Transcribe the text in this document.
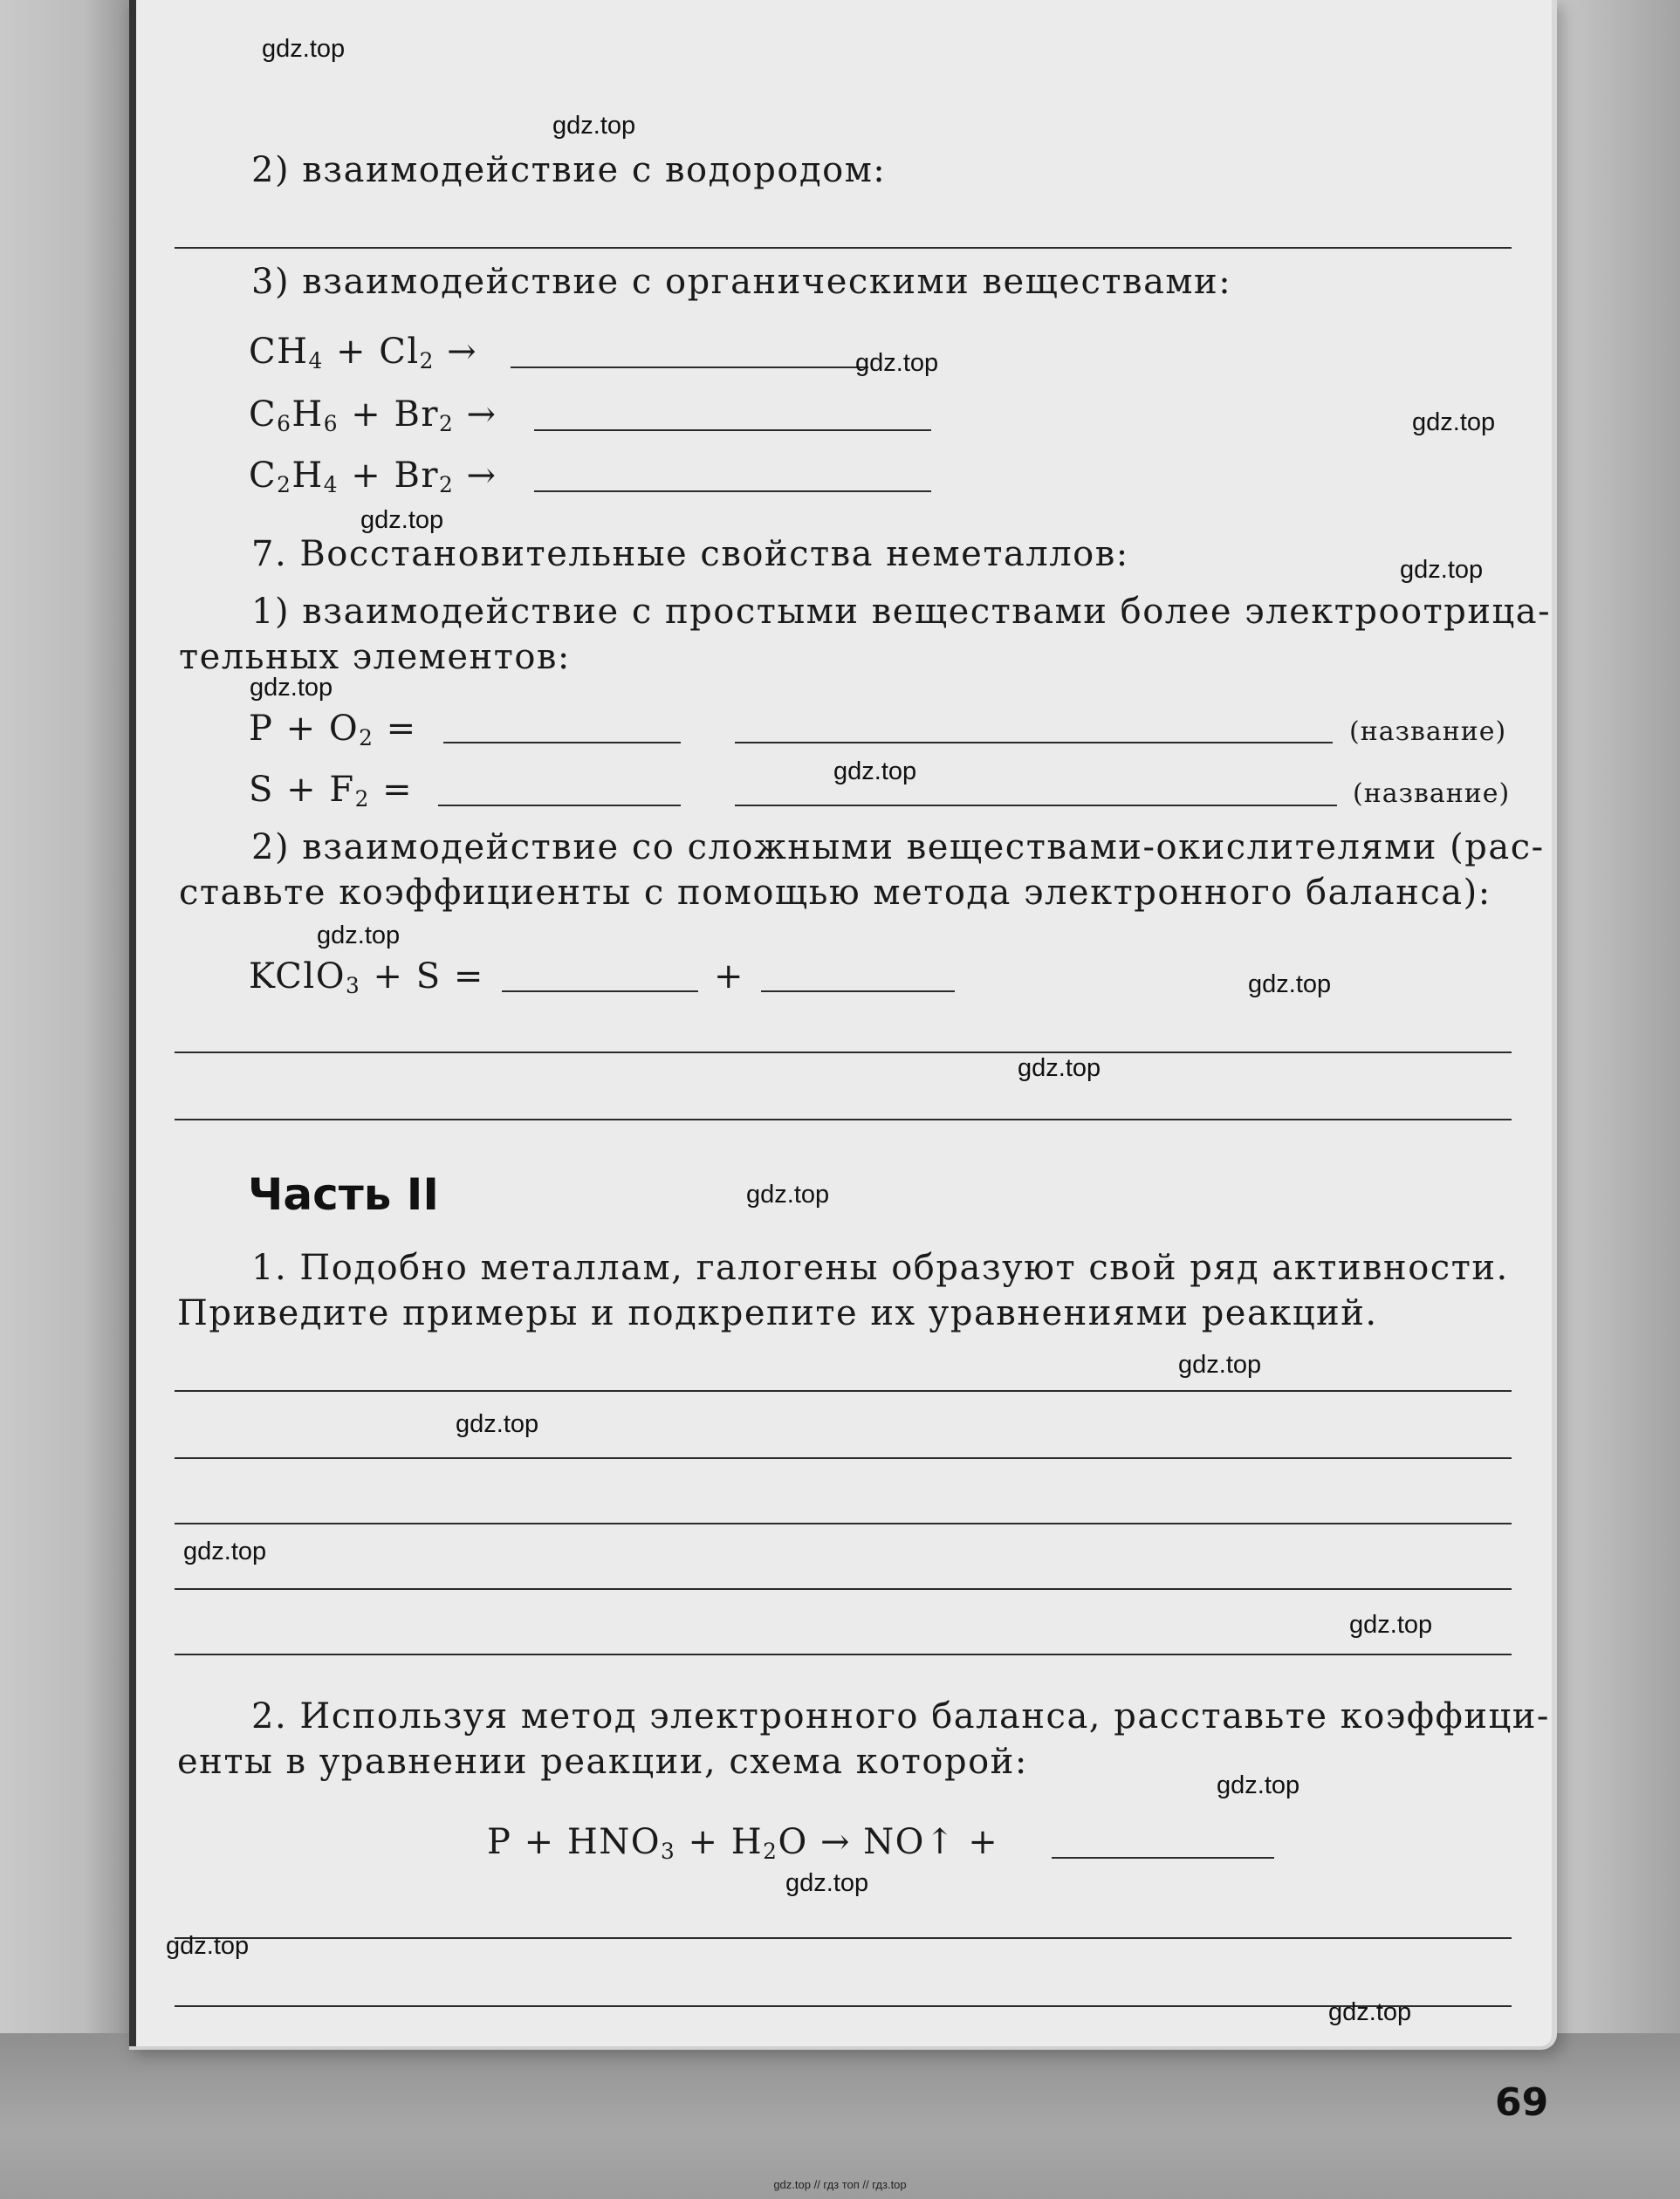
2) взаимодействие с водородом:
3) взаимодействие с органическими веществами:
$CH_4 + Cl_2$ →
$C_6H_6 + Br_2$ →
$C_2H_4 + Br_2$ →
7. Восстановительные свойства неметаллов:
1) взаимодействие с простыми веществами более электроотрица-
тельных элементов:
$P + O_2$ =	(название)
$S + F_2$ =	(название)
2) взаимодействие со сложными веществами-окислителями (рас-
ставьте коэффициенты с помощью метода электронного баланса):
KClO$_3$ + S =	+
Часть II
1. Подобно металлам, галогены образуют свой ряд активности.
Приведите примеры и подкрепите их уравнениями реакций.
2. Используя метод электронного баланса, расставьте коэффици-
енты в уравнении реакции, схема которой:
$P + HNO_3 + H_2O$ → NO↑ +
gdz.top
gdz.top
gdz.top
gdz.top
gdz.top
gdz.top
gdz.top
gdz.top
gdz.top
gdz.top
gdz.top
gdz.top
gdz.top
gdz.top
gdz.top
gdz.top
gdz.top
gdz.top
gdz.top
gdz.top
69
gdz.top // гдз топ // гдз.top
